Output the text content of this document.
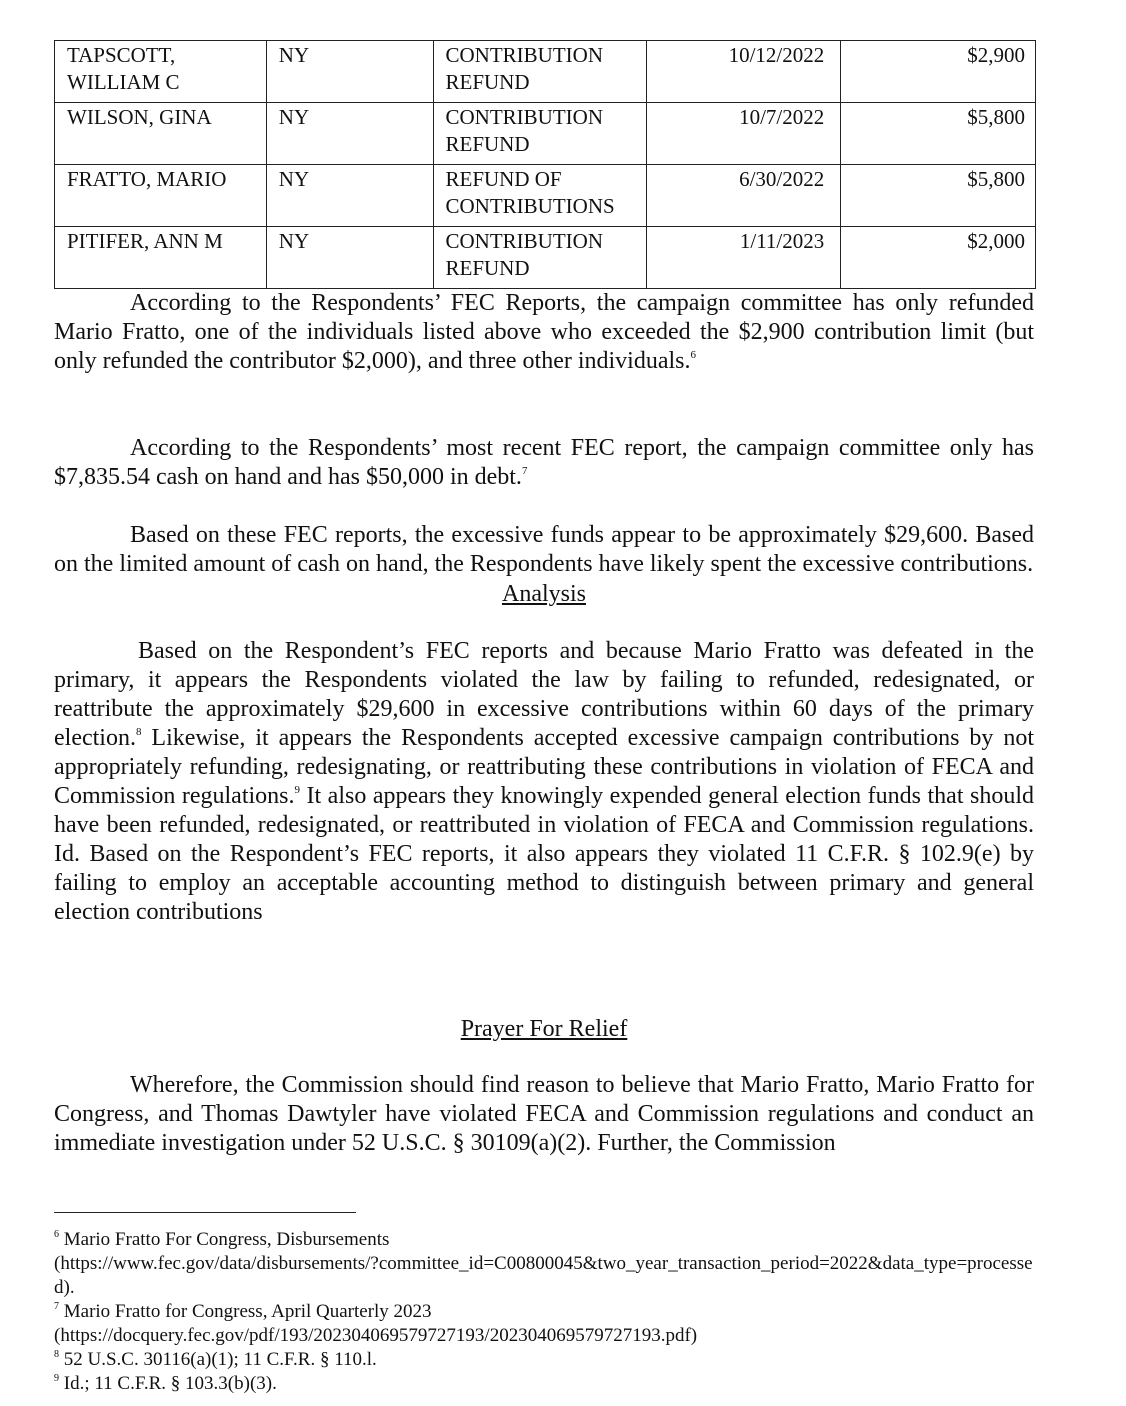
TAPSCOTT, WILLIAM C	NY	CONTRIBUTION REFUND	10/12/2022	$2,900
WILSON, GINA	NY	CONTRIBUTION REFUND	10/7/2022	$5,800
FRATTO, MARIO	NY	REFUND OF CONTRIBUTIONS	6/30/2022	$5,800
PITIFER, ANN M	NY	CONTRIBUTION REFUND	1/11/2023	$2,000

According to the Respondents’ FEC Reports, the campaign committee has only refunded Mario Fratto, one of the individuals listed above who exceeded the $2,900 contribution limit (but only refunded the contributor $2,000), and three other individuals.$^6$

According to the Respondents’ most recent FEC report, the campaign committee only has $7,835.54 cash on hand and has $50,000 in debt.$^7$

Based on these FEC reports, the excessive funds appear to be approximately $29,600. Based on the limited amount of cash on hand, the Respondents have likely spent the excessive contributions.

Analysis

Based on the Respondent’s FEC reports and because Mario Fratto was defeated in the primary, it appears the Respondents violated the law by failing to refunded, redesignated, or reattribute the approximately $29,600 in excessive contributions within 60 days of the primary election.$^8$ Likewise, it appears the Respondents accepted excessive campaign contributions by not appropriately refunding, redesignating, or reattributing these contributions in violation of FECA and Commission regulations.$^9$ It also appears they knowingly expended general election funds that should have been refunded, redesignated, or reattributed in violation of FECA and Commission regulations. Id. Based on the Respondent’s FEC reports, it also appears they violated 11 C.F.R. § 102.9(e) by failing to employ an acceptable accounting method to distinguish between primary and general election contributions

Prayer For Relief

Wherefore, the Commission should find reason to believe that Mario Fratto, Mario Fratto for Congress, and Thomas Dawtyler have violated FECA and Commission regulations and conduct an immediate investigation under 52 U.S.C. § 30109(a)(2). Further, the Commission

$^6$ Mario Fratto For Congress, Disbursements

(https://www.fec.gov/data/disbursements/?committee_id=C00800045&two_year_transaction_period=2022&data_type=processed).

$^7$ Mario Fratto for Congress, April Quarterly 2023

(https://docquery.fec.gov/pdf/193/202304069579727193/202304069579727193.pdf)

$^8$ 52 U.S.C. 30116(a)(1); 11 C.F.R. § 110.l.

$^9$ Id.; 11 C.F.R. § 103.3(b)(3).
